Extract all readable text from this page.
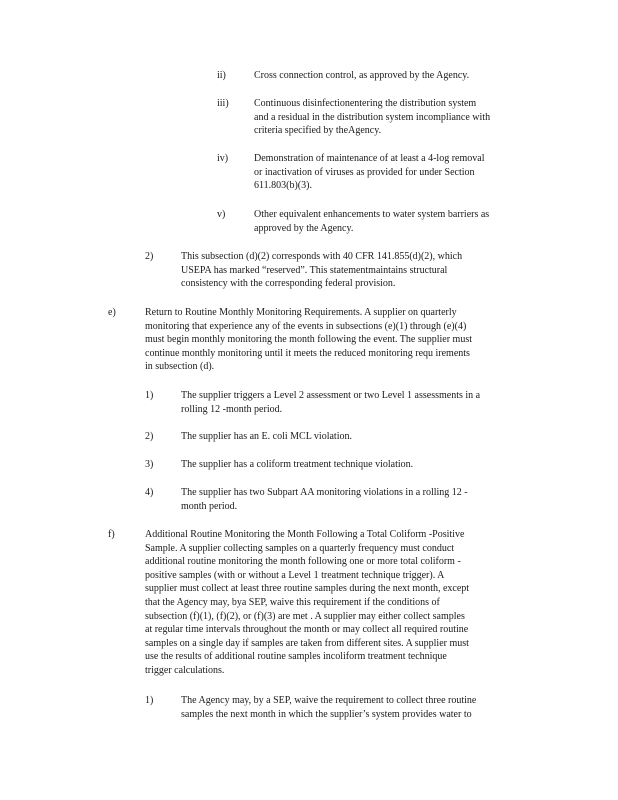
ii)	Cross connection control, as approved by the Agency.
iii)	Continuous disinfectionentering the distribution system
and a residual in the distribution system incompliance with
criteria specified by theAgency.
iv)	Demonstration of maintenance of at least a 4-log removal
or inactivation of viruses as provided for under Section
611.803(b)(3).
v)	Other equivalent enhancements to water system barriers as
approved by the Agency.
2)	This subsection (d)(2) corresponds with 40 CFR 141.855(d)(2), which
USEPA has marked “reserved”. This statementmaintains structural
consistency with the corresponding federal provision.
e)	Return to Routine Monthly Monitoring Requirements. A supplier on quarterly
monitoring that experience any of the events in subsections (e)(1) through (e)(4)
must begin monthly monitoring the month following the event. The supplier must
continue monthly monitoring until it meets the reduced monitoring requ irements
in subsection (d).
1)	The supplier triggers a Level 2 assessment or two Level 1 assessments in a
rolling 12 -month period.
2)	The supplier has an E. coli MCL violation.
3)	The supplier has a coliform treatment technique violation.
4)	The supplier has two Subpart AA monitoring violations in a rolling 12 -
month period.
f)	Additional Routine Monitoring the Month Following a Total Coliform -Positive
Sample. A supplier collecting samples on a quarterly frequency must conduct
additional routine monitoring the month following one or more total coliform -
positive samples (with or without a Level 1 treatment technique trigger). A
supplier must collect at least three routine samples during the next month, except
that the Agency may, bya SEP, waive this requirement if the conditions of
subsection (f)(1), (f)(2), or (f)(3) are met . A supplier may either collect samples
at regular time intervals throughout the month or may collect all required routine
samples on a single day if samples are taken from different sites. A supplier must
use the results of additional routine samples incoliform treatment technique
trigger calculations.
1)	The Agency may, by a SEP, waive the requirement to collect three routine
samples the next month in which the supplier’s system provides water to
